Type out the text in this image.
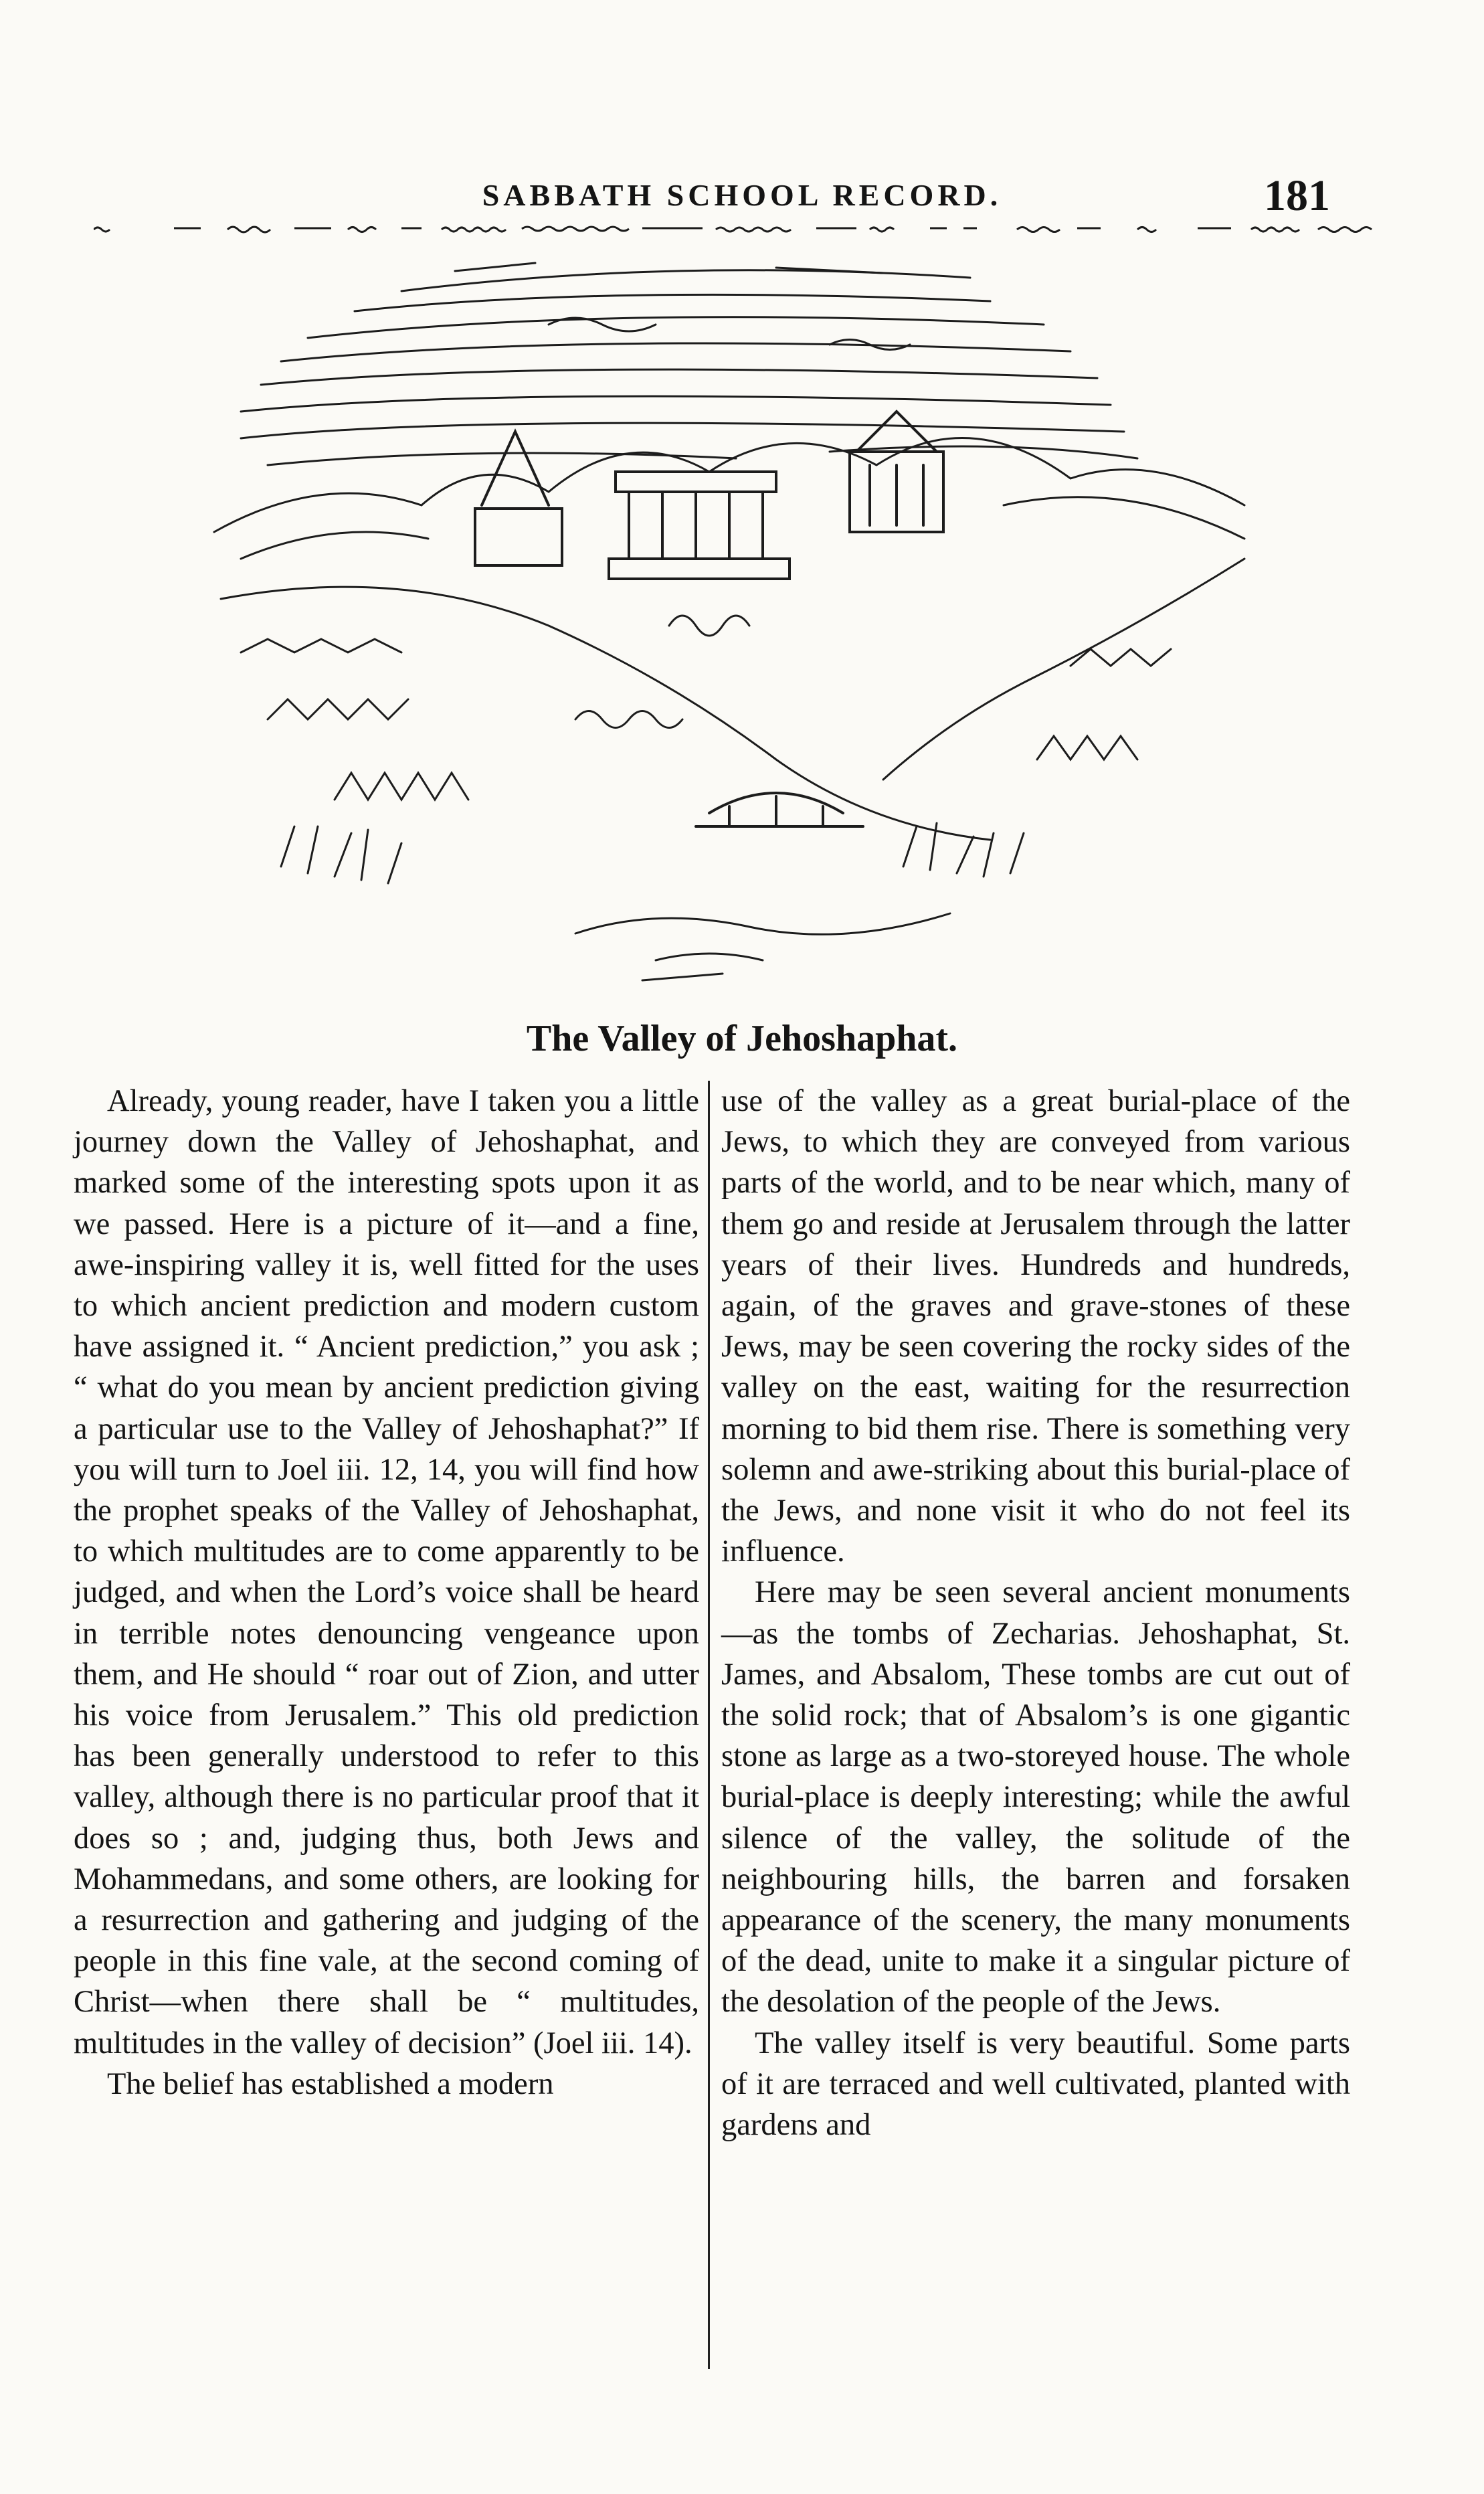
SABBATH SCHOOL RECORD.	181
The Valley of Jehoshaphat.

Already, young reader, have I taken you a little journey down the Valley of Jehoshaphat, and marked some of the interesting spots upon it as we passed. Here is a picture of it—and a fine, awe-inspiring valley it is, well fitted for the uses to which ancient prediction and modern custom have assigned it. “ Ancient prediction,” you ask ; “ what do you mean by ancient prediction giving a particular use to the Valley of Jehoshaphat?” If you will turn to Joel iii. 12, 14, you will find how the prophet speaks of the Valley of Jehoshaphat, to which multitudes are to come apparently to be judged, and when the Lord’s voice shall be heard in terrible notes denouncing vengeance upon them, and He should “ roar out of Zion, and utter his voice from Jerusalem.” This old prediction has been generally understood to refer to this valley, although there is no particular proof that it does so ; and, judging thus, both Jews and Mohammedans, and some others, are looking for a resurrection and gathering and judging of the people in this fine vale, at the second coming of Christ—when there shall be “ multitudes, multitudes in the valley of decision” (Joel iii. 14).

The belief has established a modern

use of the valley as a great burial-place of the Jews, to which they are conveyed from various parts of the world, and to be near which, many of them go and reside at Jerusalem through the latter years of their lives. Hundreds and hundreds, again, of the graves and grave-stones of these Jews, may be seen covering the rocky sides of the valley on the east, waiting for the resurrection morning to bid them rise. There is something very solemn and awe-striking about this burial-place of the Jews, and none visit it who do not feel its influence.

Here may be seen several ancient monuments—as the tombs of Zecharias. Jehoshaphat, St. James, and Absalom, These tombs are cut out of the solid rock; that of Absalom’s is one gigantic stone as large as a two-storeyed house. The whole burial-place is deeply interesting; while the awful silence of the valley, the solitude of the neighbouring hills, the barren and forsaken appearance of the scenery, the many monuments of the dead, unite to make it a singular picture of the desolation of the people of the Jews.

The valley itself is very beautiful. Some parts of it are terraced and well cultivated, planted with gardens and
